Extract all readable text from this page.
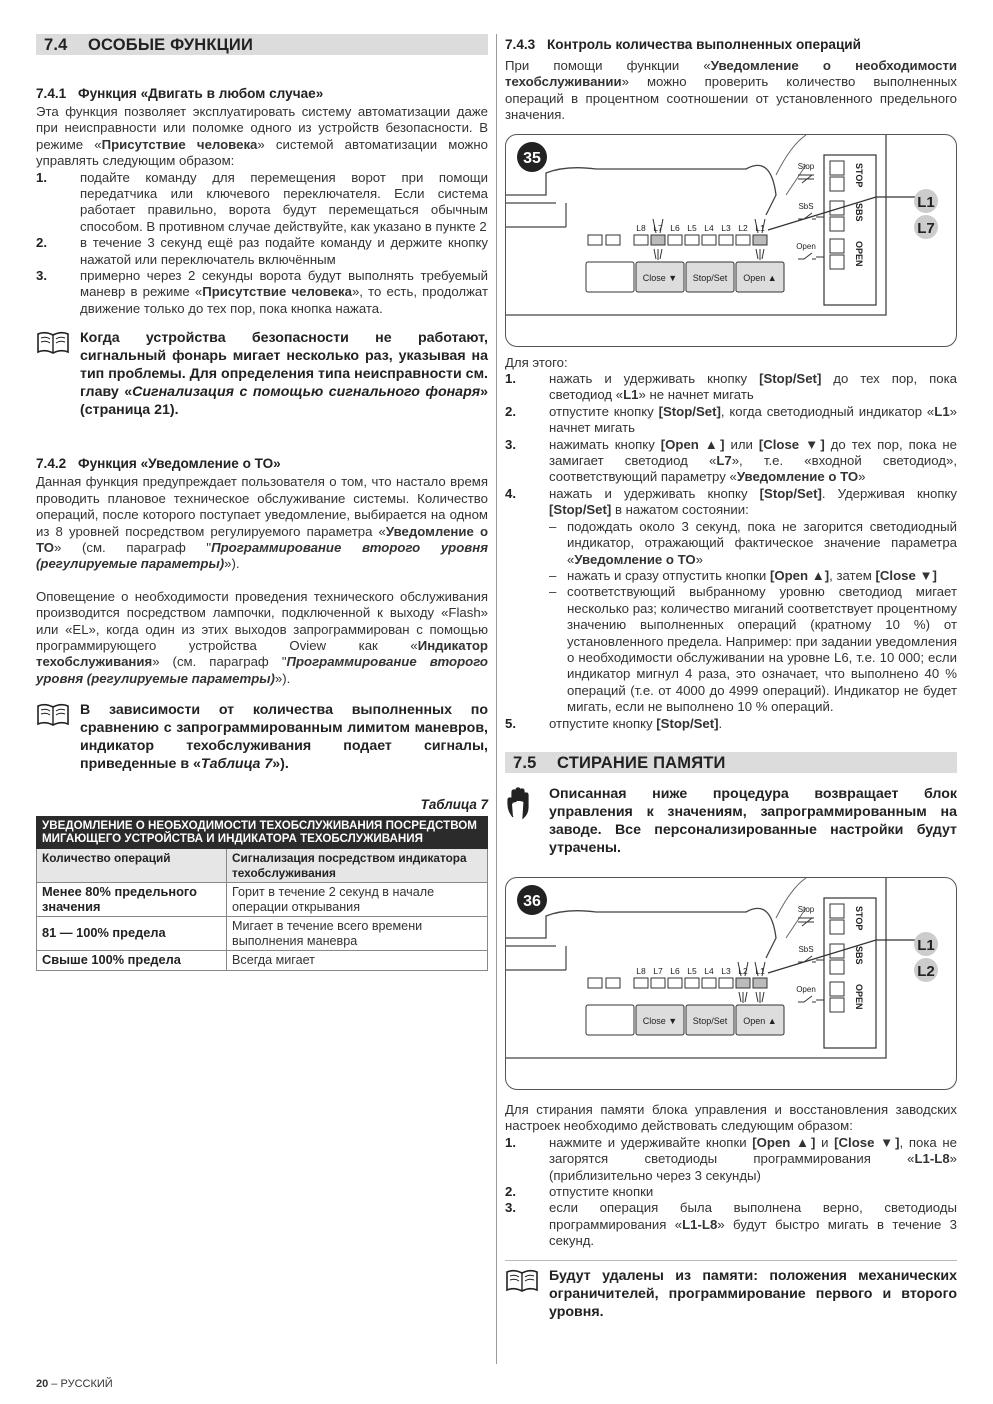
7.4 ОСОБЫЕ ФУНКЦИИ
7.4.1 Функция «Двигать в любом случае»

Эта функция позволяет эксплуатировать систему автоматизации даже при неисправности или поломке одного из устройств безопасности. В режиме «Присутствие человека» системой автоматизации можно управлять следующим образом:

1.	подайте команду для перемещения ворот при помощи передатчика или ключевого переключателя. Если система работает правильно, ворота будут перемещаться обычным способом. В противном случае действуйте, как указано в пункте 2
2.	в течение 3 секунд ещё раз подайте команду и держите кнопку нажатой или переключатель включённым
3.	примерно через 2 секунды ворота будут выполнять требуемый маневр в режиме «Присутствие человека», то есть, продолжат движение только до тех пор, пока кнопка нажата.
Когда устройства безопасности не работают, сигнальный фонарь мигает несколько раз, указывая на тип проблемы. Для определения типа неисправности см. главу «Сигнализация с помощью сигнального фонаря» (страница 21).
7.4.2 Функция «Уведомление о ТО»

Данная функция предупреждает пользователя о том, что настало время проводить плановое техническое обслуживание системы. Количество операций, после которого поступает уведомление, выбирается на одном из 8 уровней посредством регулируемого параметра «Уведомление о ТО» (см. параграф "Программирование второго уровня (регулируемые параметры)»).

Оповещение о необходимости проведения технического обслуживания производится посредством лампочки, подключенной к выходу «Flash» или «EL», когда один из этих выходов запрограммирован с помощью программирующего устройства Oview как «Индикатор техобслуживания» (см. параграф "Программирование второго уровня (регулируемые параметры)»).

В зависимости от количества выполненных по сравнению с запрограммированным лимитом маневров, индикатор техобслуживания подает сигналы, приведенные в «Таблица 7»).
Таблица 7
УВЕДОМЛЕНИЕ О НЕОБХОДИМОСТИ ТЕХОБСЛУЖИВАНИЯ ПОСРЕДСТВОМ МИГАЮЩЕГО УСТРОЙСТВА И ИНДИКАТОРА ТЕХОБСЛУЖИВАНИЯ	
Количество операций	Сигнализация посредством индикатора техобслуживания
Менее 80% предельного значения	Горит в течение 2 секунд в начале операции открывания
81 — 100% предела	Мигает в течение всего времени выполнения маневра
Свыше 100% предела	Всегда мигает
7.4.3 Контроль количества выполненных операций

При помощи функции «Уведомление о необходимости техобслуживании» можно проверить количество выполненных операций в процентном соотношении от установленного предельного значения.

35
L8 L7 L6 L5 L4 L3 L2 L1
Close ▼ Stop/Set Open ▲
Stop
SbS
Open
STOP
SBS
OPEN
L1
L7

Для этого:

1.	нажать и удерживать кнопку [Stop/Set] до тех пор, пока светодиод «L1» не начнет мигать
2.	отпустите кнопку [Stop/Set], когда светодиодный индикатор «L1» начнет мигать
3.	нажимать кнопку [Open ▲] или [Close ▼] до тех пор, пока не замигает светодиод «L7», т.е. «входной светодиод», соответствующий параметру «Уведомление о ТО»
4.	нажать и удерживать кнопку [Stop/Set]. Удерживая кнопку [Stop/Set] в нажатом состоянии:
– подождать около 3 секунд, пока не загорится светодиодный индикатор, отражающий фактическое значение параметра «Уведомление о ТО»
– нажать и сразу отпустить кнопки [Open ▲], затем [Close ▼]
– соответствующий выбранному уровню светодиод мигает несколько раз; количество миганий соответствует процентному значению выполненных операций (кратному 10 %) от установленного предела. Например: при задании уведомления о необходимости обслуживании на уровне L6, т.е. 10 000; если индикатор мигнул 4 раза, это означает, что выполнено 40 % операций (т.е. от 4000 до 4999 операций). Индикатор не будет мигать, если не выполнено 10 % операций.
5.	отпустите кнопку [Stop/Set].
7.5 СТИРАНИЕ ПАМЯТИ
Описанная ниже процедура возвращает блок управления к значениям, запрограммированным на заводе. Все персонализированные настройки будут утрачены.
36
L8 L7 L6 L5 L4 L3 L2 L1
Close ▼ Stop/Set Open ▲
Stop
SbS
Open
STOP
SBS
OPEN
L1
L2

Для стирания памяти блока управления и восстановления заводских настроек необходимо действовать следующим образом:

1.	нажмите и удерживайте кнопки [Open ▲] и [Close ▼], пока не загорятся светодиоды программирования «L1-L8» (приблизительно через 3 секунды)
2.	отпустите кнопки
3.	если операция была выполнена верно, светодиоды программирования «L1-L8» будут быстро мигать в течение 3 секунд.
Будут удалены из памяти: положения механических ограничителей, программирование первого и второго уровня.
20 – РУССКИЙ
